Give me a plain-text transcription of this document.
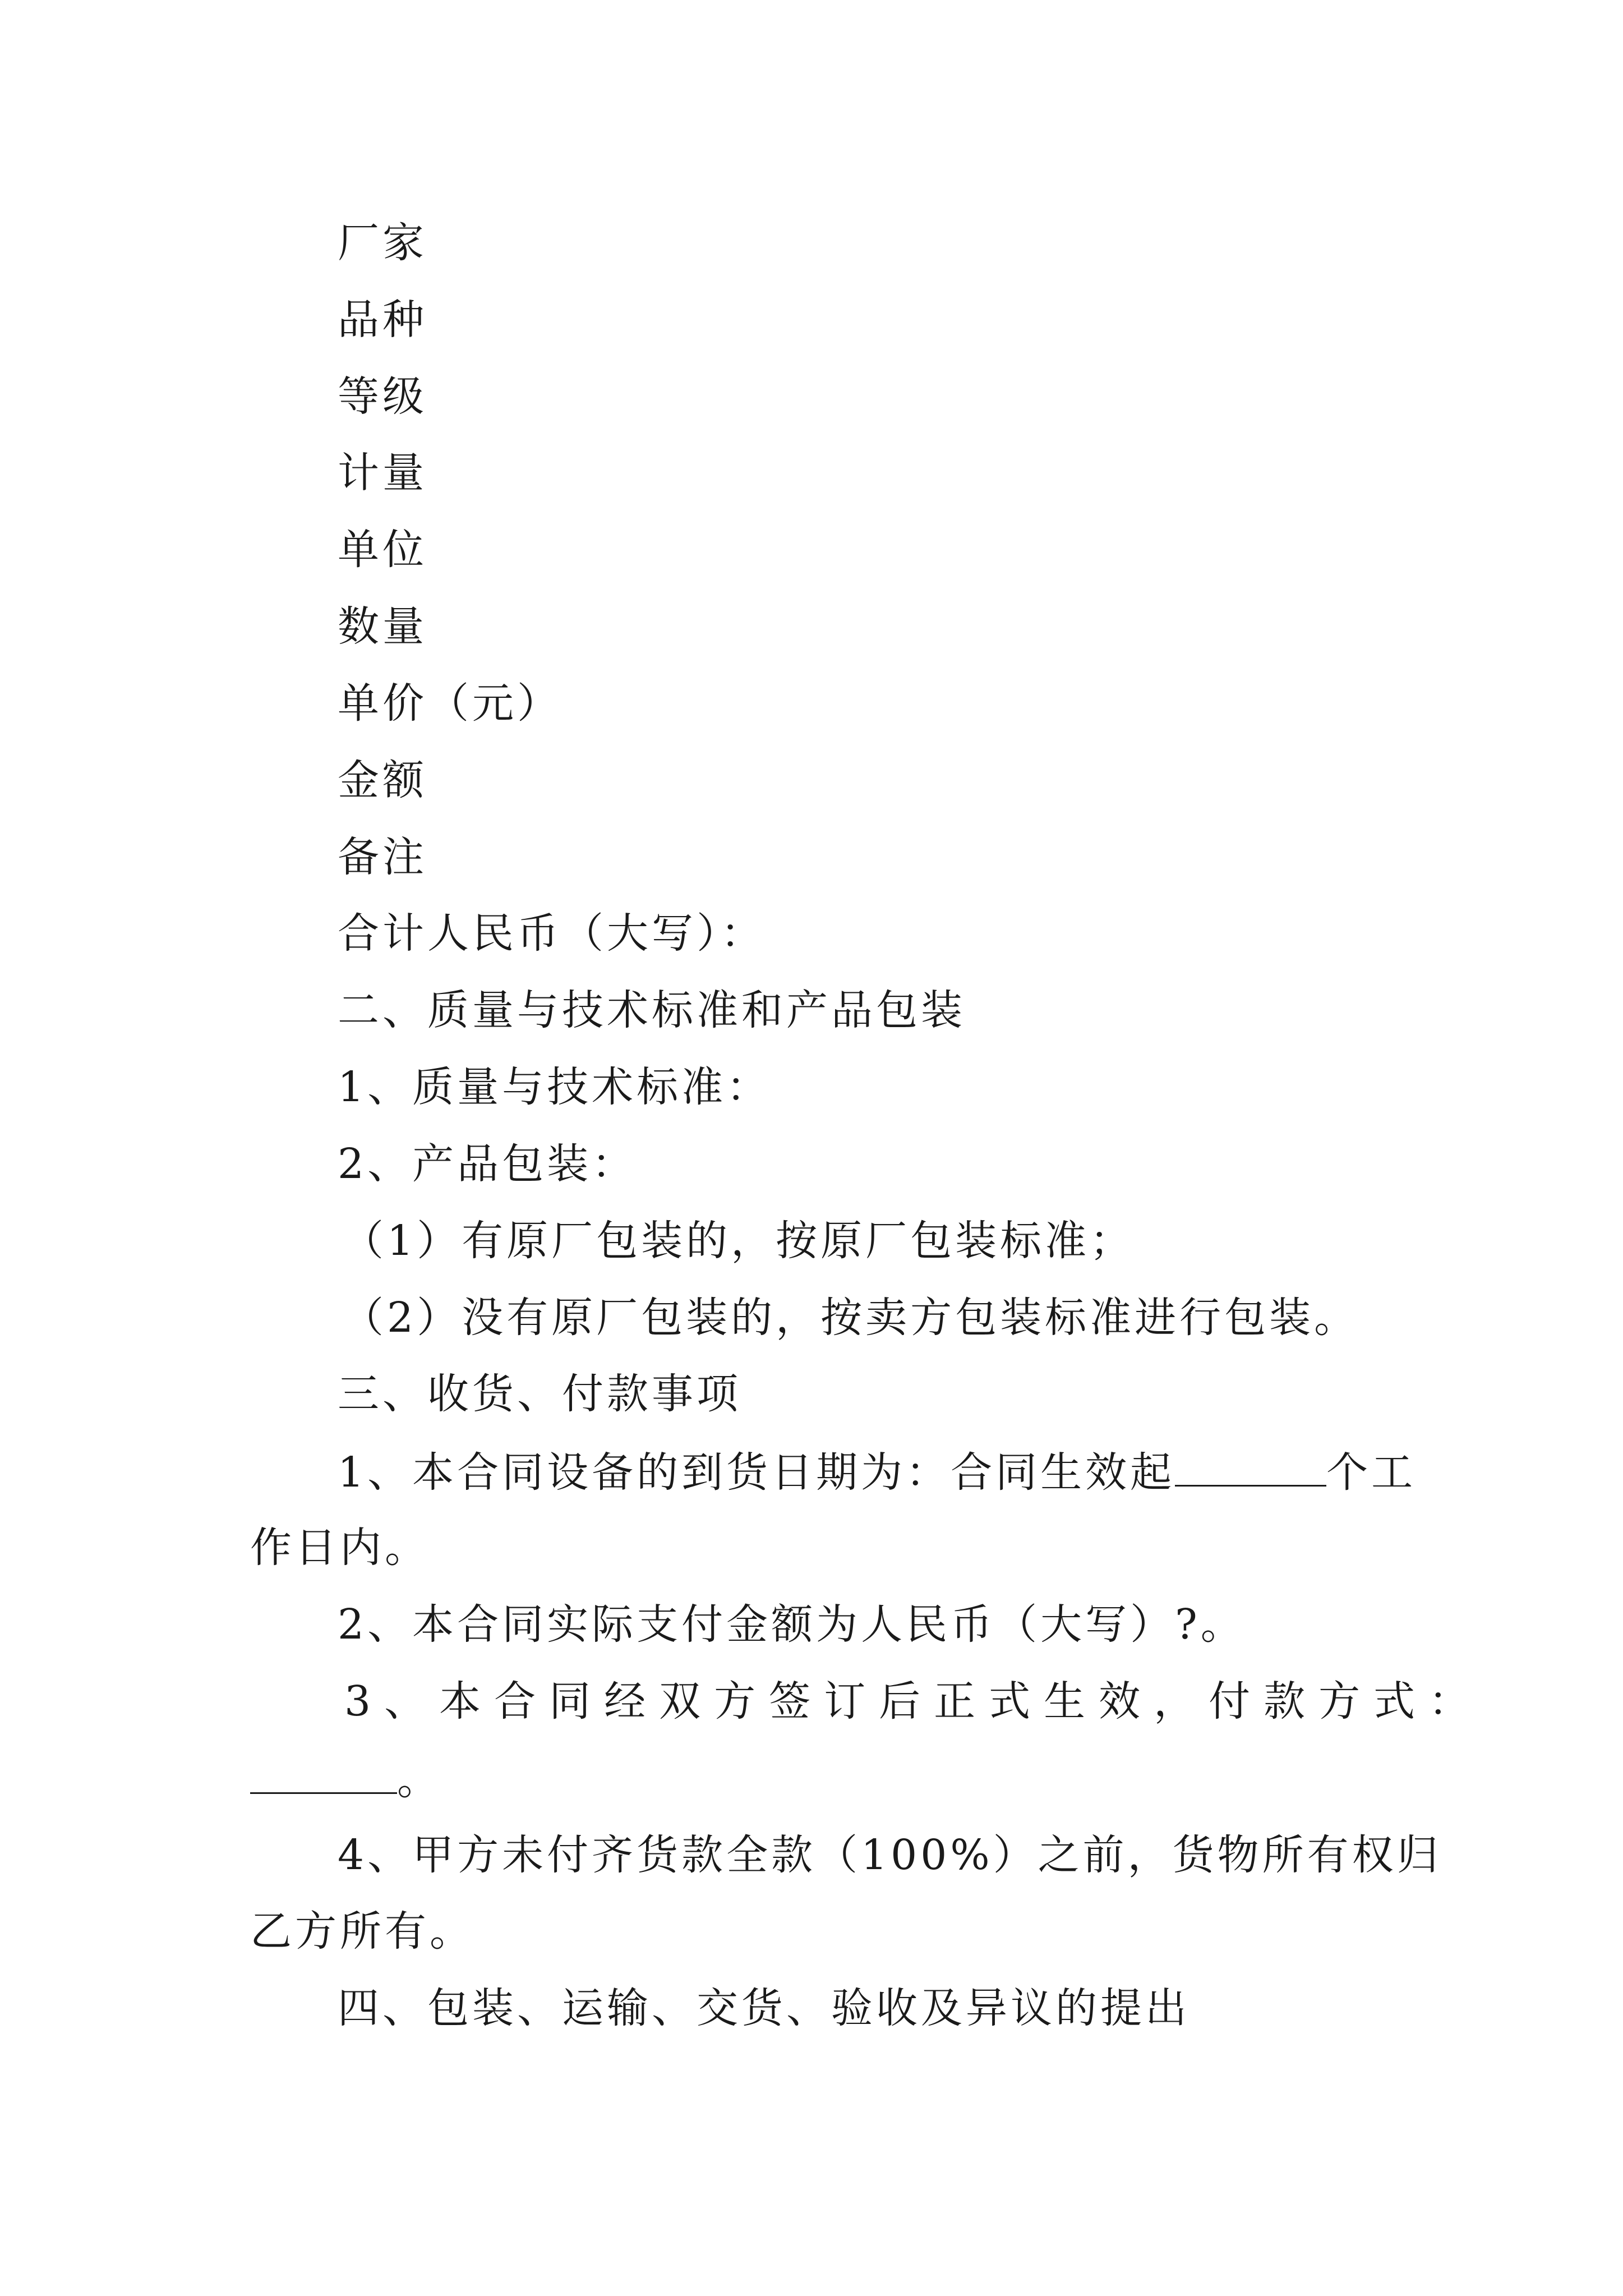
厂家
品种
等级
计量
单位
数量
单价（元）
金额
备注
合计人民币（大写）：
二、质量与技术标准和产品包装
1、质量与技术标准：
2、产品包装：
（1）有原厂包装的，按原厂包装标准；
（2）没有原厂包装的，按卖方包装标准进行包装。
三、收货、付款事项
1、本合同设备的到货日期为：合同生效起	个工
作日内。
2、本合同实际支付金额为人民币（大写）?。
3、本合同经双方签订后正式生效，付款方式：
。
4、甲方未付齐货款全款（100%）之前，货物所有权归
乙方所有。
四、包装、运输、交货、验收及异议的提出
